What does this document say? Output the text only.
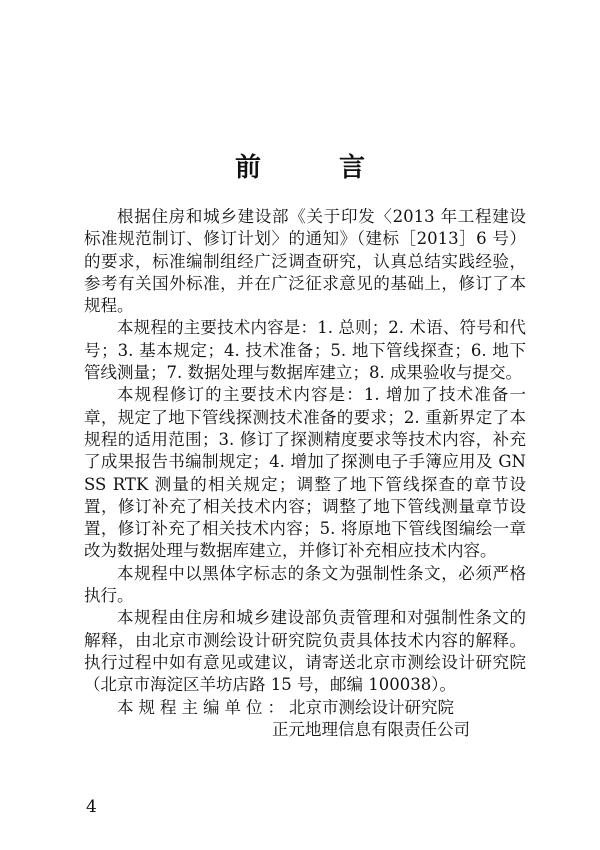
前　言

根据住房和城乡建设部《关于印发〈2013 年工程建设标准规范制订、修订计划〉的通知》（建标［2013］6 号）的要求，标准编制组经广泛调查研究，认真总结实践经验，参考有关国外标准，并在广泛征求意见的基础上，修订了本规程。

本规程的主要技术内容是：1. 总则；2. 术语、符号和代号；3. 基本规定；4. 技术准备；5. 地下管线探查；6. 地下管线测量；7. 数据处理与数据库建立；8. 成果验收与提交。

本规程修订的主要技术内容是：1. 增加了技术准备一章，规定了地下管线探测技术准备的要求；2. 重新界定了本规程的适用范围；3. 修订了探测精度要求等技术内容，补充了成果报告书编制规定；4. 增加了探测电子手簿应用及 GNSS RTK 测量的相关规定；调整了地下管线探查的章节设置，修订补充了相关技术内容；调整了地下管线测量章节设置，修订补充了相关技术内容；5. 将原地下管线图编绘一章改为数据处理与数据库建立，并修订补充相应技术内容。

本规程中以黑体字标志的条文为强制性条文，必须严格执行。

本规程由住房和城乡建设部负责管理和对强制性条文的解释，由北京市测绘设计研究院负责具体技术内容的解释。执行过程中如有意见或建议，请寄送北京市测绘设计研究院（北京市海淀区羊坊店路 15 号，邮编 100038）。

本规程主编单位：北京市测绘设计研究院

正元地理信息有限责任公司

4
